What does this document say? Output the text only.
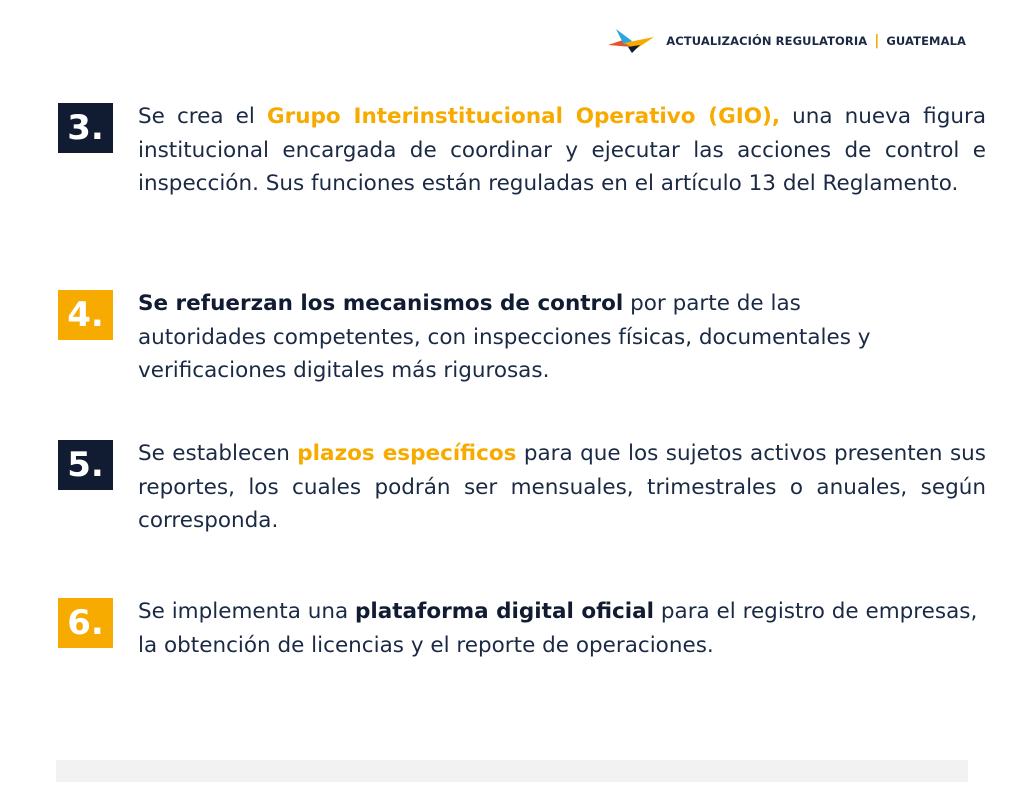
ACTUALIZACIÓN REGULATORIA | GUATEMALA
3.	Se crea el Grupo Interinstitucional Operativo (GIO), una nueva figura institucional encargada de coordinar y ejecutar las acciones de control e inspección. Sus funciones están reguladas en el artículo 13 del Reglamento.
4.	Se refuerzan los mecanismos de control por parte de las autoridades competentes, con inspecciones físicas, documentales y verificaciones digitales más rigurosas.
5.	Se establecen plazos específicos para que los sujetos activos presenten sus reportes, los cuales podrán ser mensuales, trimestrales o anuales, según corresponda.
6.	Se implementa una plataforma digital oficial para el registro de empresas, la obtención de licencias y el reporte de operaciones.
